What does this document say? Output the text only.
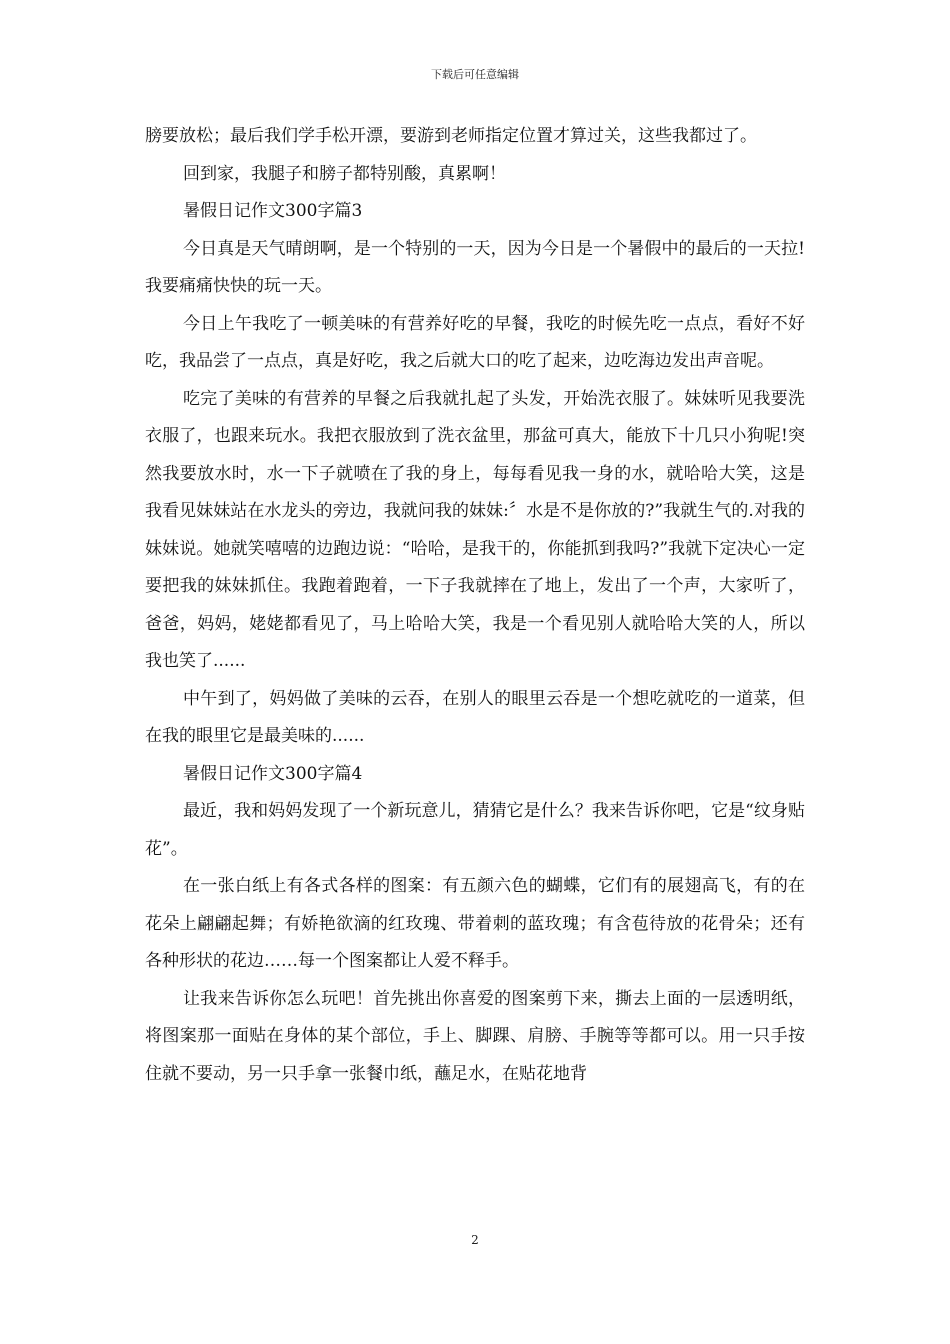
下载后可任意编辑

膀要放松；最后我们学手松开漂，要游到老师指定位置才算过关，这些我都过了。

回到家，我腿子和膀子都特别酸，真累啊！

暑假日记作文300字篇3

今日真是天气晴朗啊，是一个特别的一天，因为今日是一个暑假中的最后的一天拉!我要痛痛快快的玩一天。

今日上午我吃了一顿美味的有营养好吃的早餐，我吃的时候先吃一点点，看好不好吃，我品尝了一点点，真是好吃，我之后就大口的吃了起来，边吃海边发出声音呢。

吃完了美味的有营养的早餐之后我就扎起了头发，开始洗衣服了。妹妹听见我要洗衣服了，也跟来玩水。我把衣服放到了洗衣盆里，那盆可真大，能放下十几只小狗呢!突然我要放水时，水一下子就喷在了我的身上，每每看见我一身的水，就哈哈大笑，这是我看见妹妹站在水龙头的旁边，我就问我的妹妹:〞水是不是你放的?”我就生气的.对我的妹妹说。她就笑嘻嘻的边跑边说：“哈哈，是我干的，你能抓到我吗?”我就下定决心一定要把我的妹妹抓住。我跑着跑着，一下子我就摔在了地上，发出了一个声，大家听了，爸爸，妈妈，姥姥都看见了，马上哈哈大笑，我是一个看见别人就哈哈大笑的人，所以我也笑了......

中午到了，妈妈做了美味的云吞，在别人的眼里云吞是一个想吃就吃的一道菜，但在我的眼里它是最美味的......

暑假日记作文300字篇4

最近，我和妈妈发现了一个新玩意儿，猜猜它是什么？我来告诉你吧，它是“纹身贴花”。

在一张白纸上有各式各样的图案：有五颜六色的蝴蝶，它们有的展翅高飞，有的在花朵上翩翩起舞；有娇艳欲滴的红玫瑰、带着刺的蓝玫瑰；有含苞待放的花骨朵；还有各种形状的花边……每一个图案都让人爱不释手。

让我来告诉你怎么玩吧！首先挑出你喜爱的图案剪下来，撕去上面的一层透明纸，将图案那一面贴在身体的某个部位，手上、脚踝、肩膀、手腕等等都可以。用一只手按住就不要动，另一只手拿一张餐巾纸，蘸足水，在贴花地背

2
